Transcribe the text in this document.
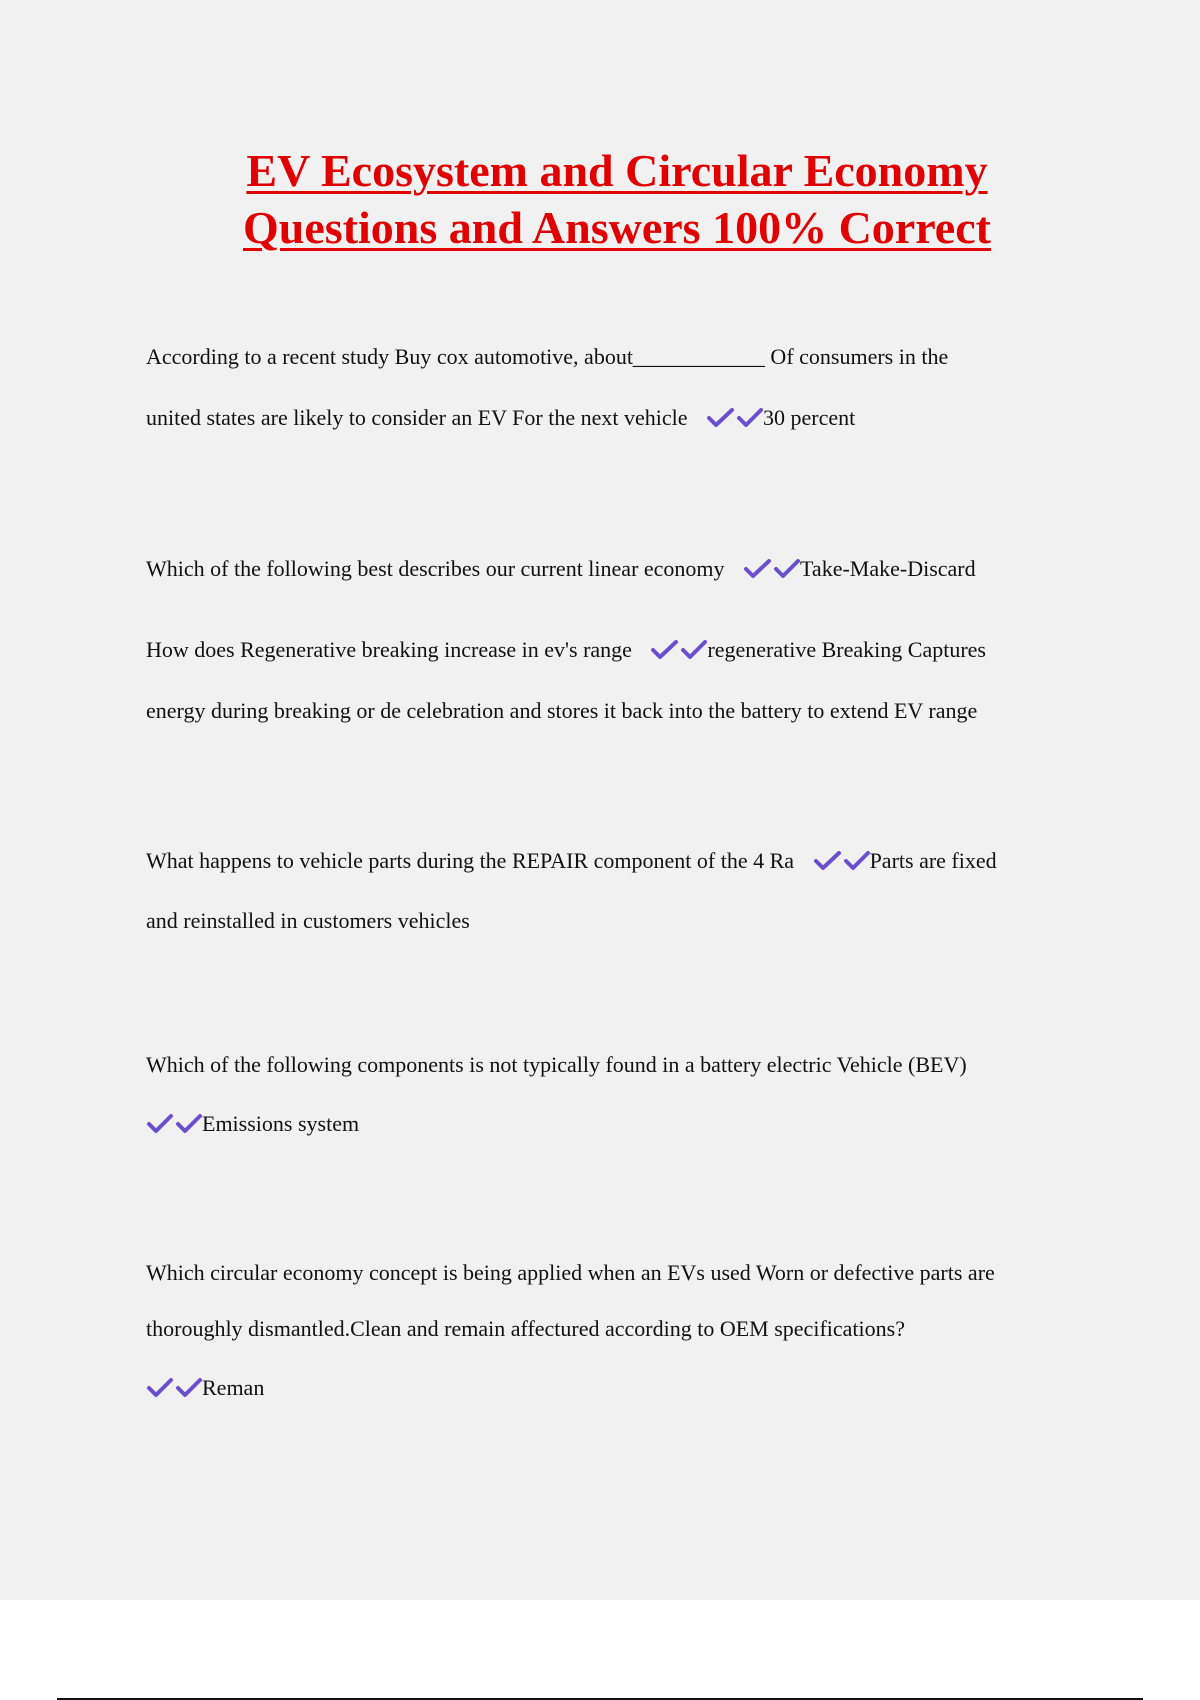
EV Ecosystem and Circular Economy
Questions and Answers 100% Correct
According to a recent study Buy cox automotive, about____________ Of consumers in the
united states are likely to consider an EV For the next vehicle	30 percent
Which of the following best describes our current linear economy	Take-Make-Discard
How does Regenerative breaking increase in ev's range	regenerative Breaking Captures
energy during breaking or de celebration and stores it back into the battery to extend EV range
What happens to vehicle parts during the REPAIR component of the 4 Ra	Parts are fixed
and reinstalled in customers vehicles
Which of the following components is not typically found in a battery electric Vehicle (BEV)
Emissions system
Which circular economy concept is being applied when an EVs used Worn or defective parts are
thoroughly dismantled.Clean and remain affectured according to OEM specifications?
Reman
